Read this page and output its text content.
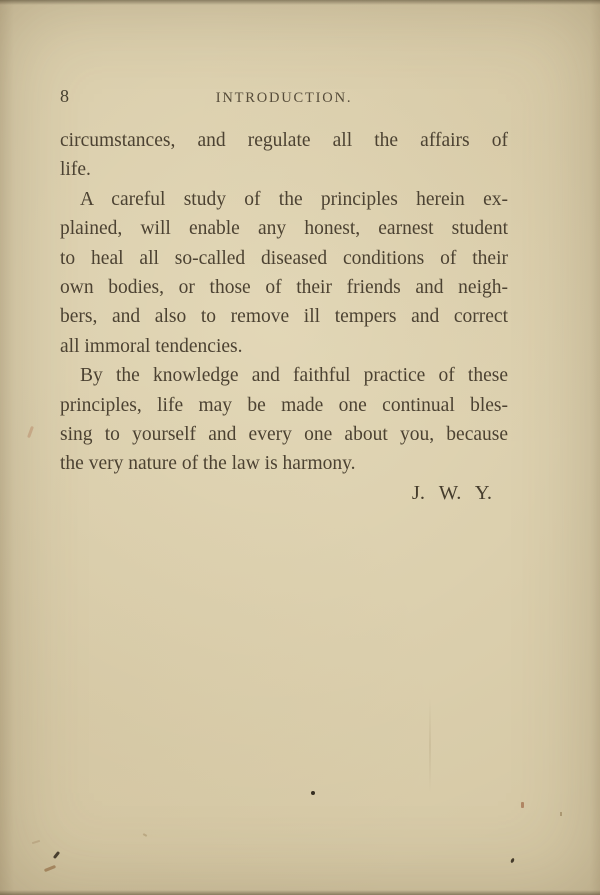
8	INTRODUCTION.
circumstances, and regulate all the affairs of
life.
A careful study of the principles herein ex-
plained, will enable any honest, earnest student
to heal all so-called diseased conditions of their
own bodies, or those of their friends and neigh-
bers, and also to remove ill tempers and correct
all immoral tendencies.
By the knowledge and faithful practice of these
principles, life may be made one continual bles-
sing to yourself and every one about you, because
the very nature of the law is harmony.
J. W. Y.
